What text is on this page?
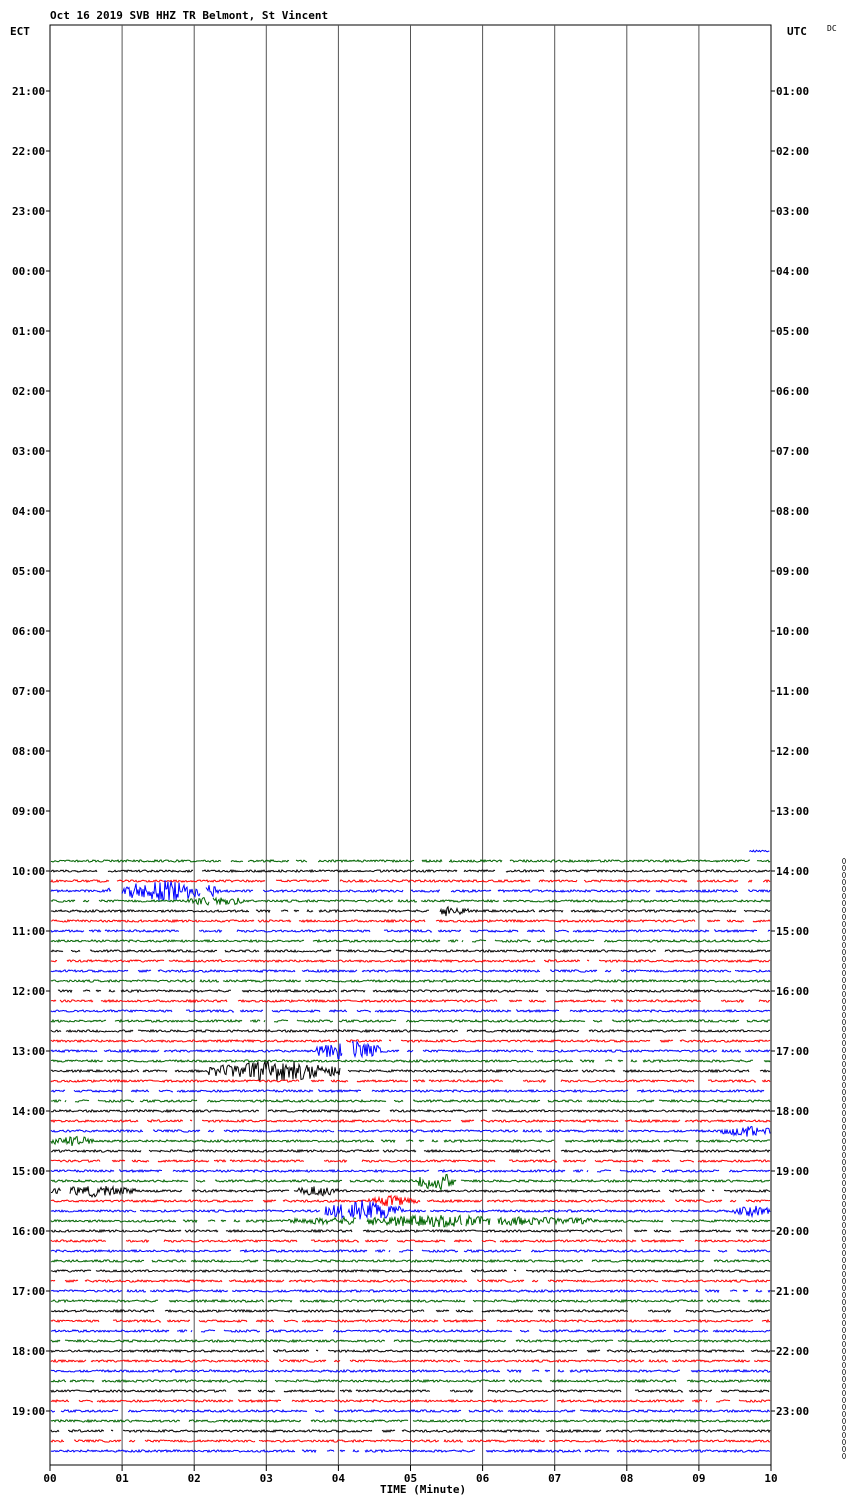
00	01	02	03	04	05	06	07	08	09	10
21:00
22:00
23:00
00:00
01:00
02:00
03:00
04:00
05:00
06:00
07:00
08:00
09:00
10:00
11:00
12:00
13:00
14:00
15:00
16:00
17:00
18:00
19:00
01:00
02:00
03:00
04:00
05:00
06:00
07:00
08:00
09:00
10:00
11:00
12:00
13:00
14:00
15:00
16:00
17:00
18:00
19:00
20:00
21:00
22:00
23:00
Oct 16 2019 SVB HHZ TR Belmont, St Vincent
ECT	UTC	DC
TIME (Minute)
